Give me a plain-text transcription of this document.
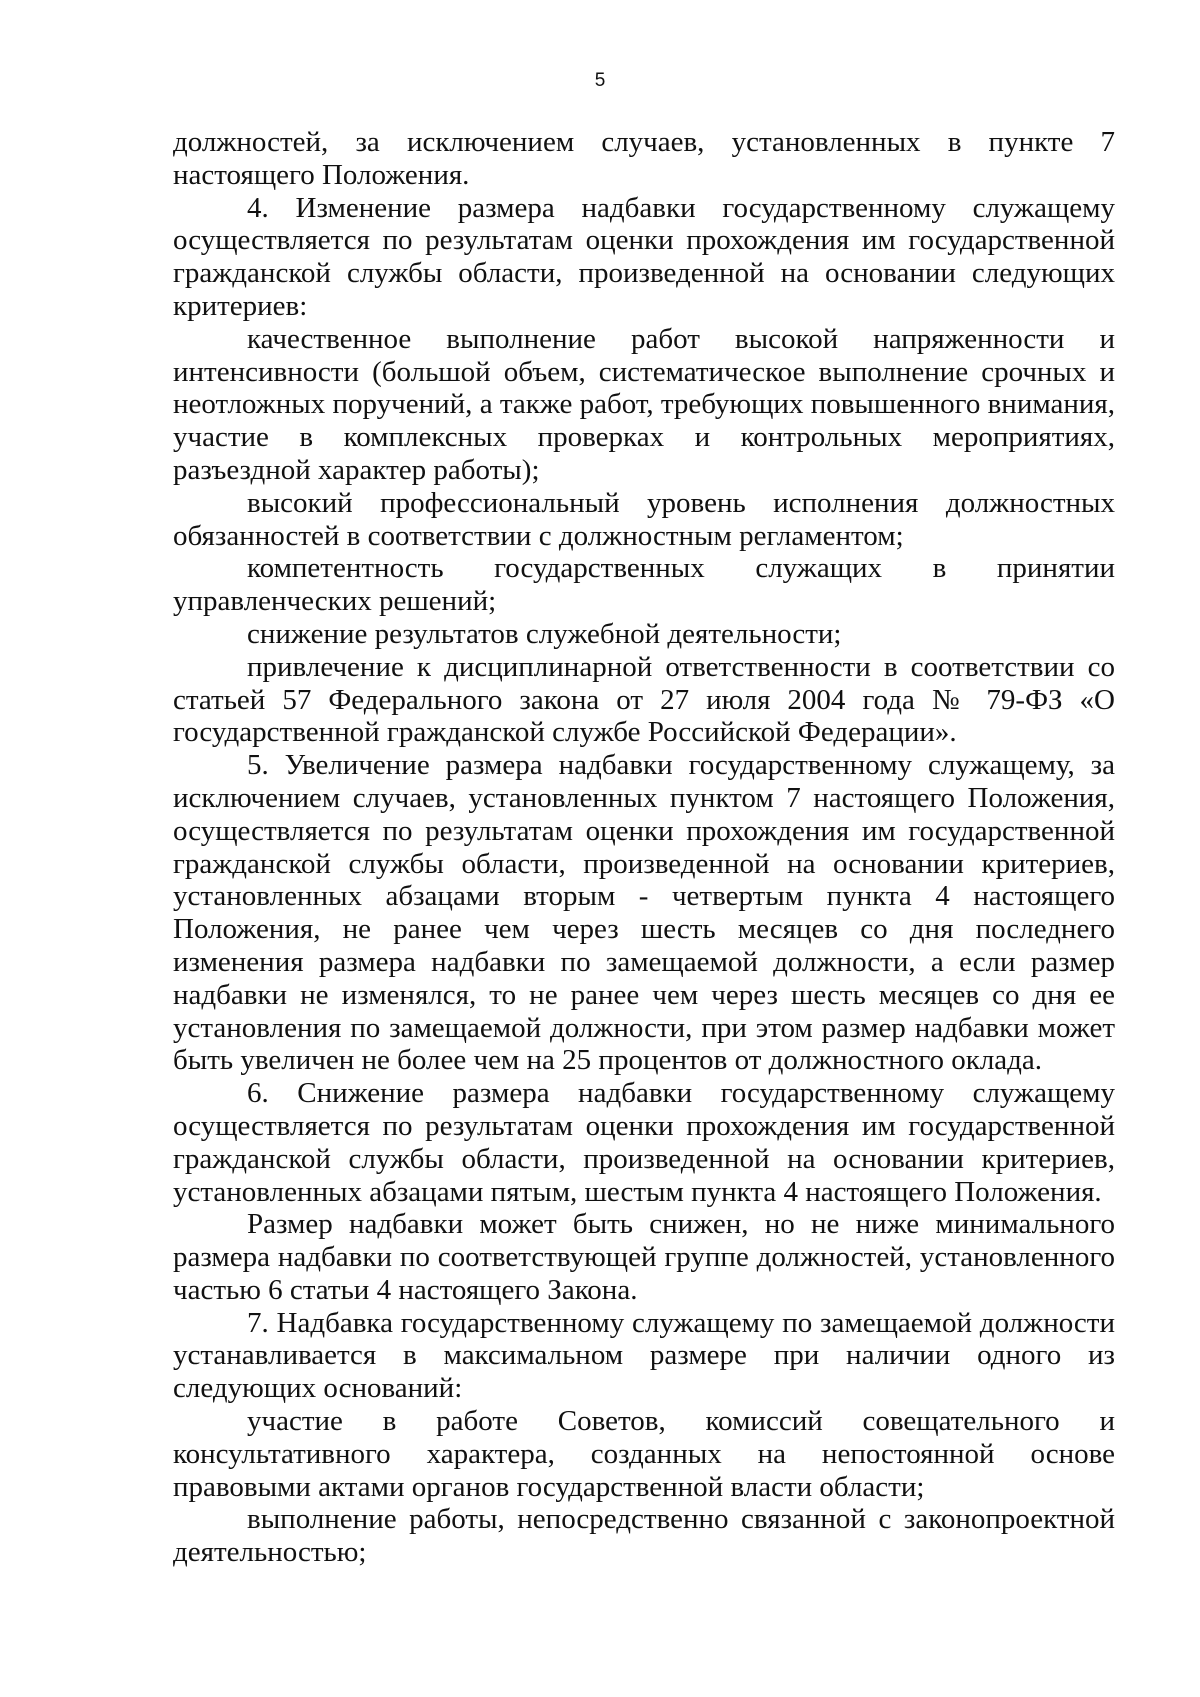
5

должностей, за исключением случаев, установленных в пункте 7 настоящего Положения.

4. Изменение размера надбавки государственному служащему осуществляется по результатам оценки прохождения им государственной гражданской службы области, произведенной на основании следующих критериев:

качественное выполнение работ высокой напряженности и интенсивности (большой объем, систематическое выполнение срочных и неотложных поручений, а также работ, требующих повышенного внимания, участие в комплексных проверках и контрольных мероприятиях, разъездной характер работы);

высокий профессиональный уровень исполнения должностных обязанностей в соответствии с должностным регламентом;

компетентность государственных служащих в принятии управленческих решений;

снижение результатов служебной деятельности;

привлечение к дисциплинарной ответственности в соответствии со статьей 57 Федерального закона от 27 июля 2004 года № 79-ФЗ «О государственной гражданской службе Российской Федерации».

5. Увеличение размера надбавки государственному служащему, за исключением случаев, установленных пунктом 7 настоящего Положения, осуществляется по результатам оценки прохождения им государственной гражданской службы области, произведенной на основании критериев, установленных абзацами вторым - четвертым пункта 4 настоящего Положения, не ранее чем через шесть месяцев со дня последнего изменения размера надбавки по замещаемой должности, а если размер надбавки не изменялся, то не ранее чем через шесть месяцев со дня ее установления по замещаемой должности, при этом размер надбавки может быть увеличен не более чем на 25 процентов от должностного оклада.

6. Снижение размера надбавки государственному служащему осуществляется по результатам оценки прохождения им государственной гражданской службы области, произведенной на основании критериев, установленных абзацами пятым, шестым пункта 4 настоящего Положения.

Размер надбавки может быть снижен, но не ниже минимального размера надбавки по соответствующей группе должностей, установленного частью 6 статьи 4 настоящего Закона.

7. Надбавка государственному служащему по замещаемой должности устанавливается в максимальном размере при наличии одного из следующих оснований:

участие в работе Советов, комиссий совещательного и консультативного характера, созданных на непостоянной основе правовыми актами органов государственной власти области;

выполнение работы, непосредственно связанной с законопроектной деятельностью;
